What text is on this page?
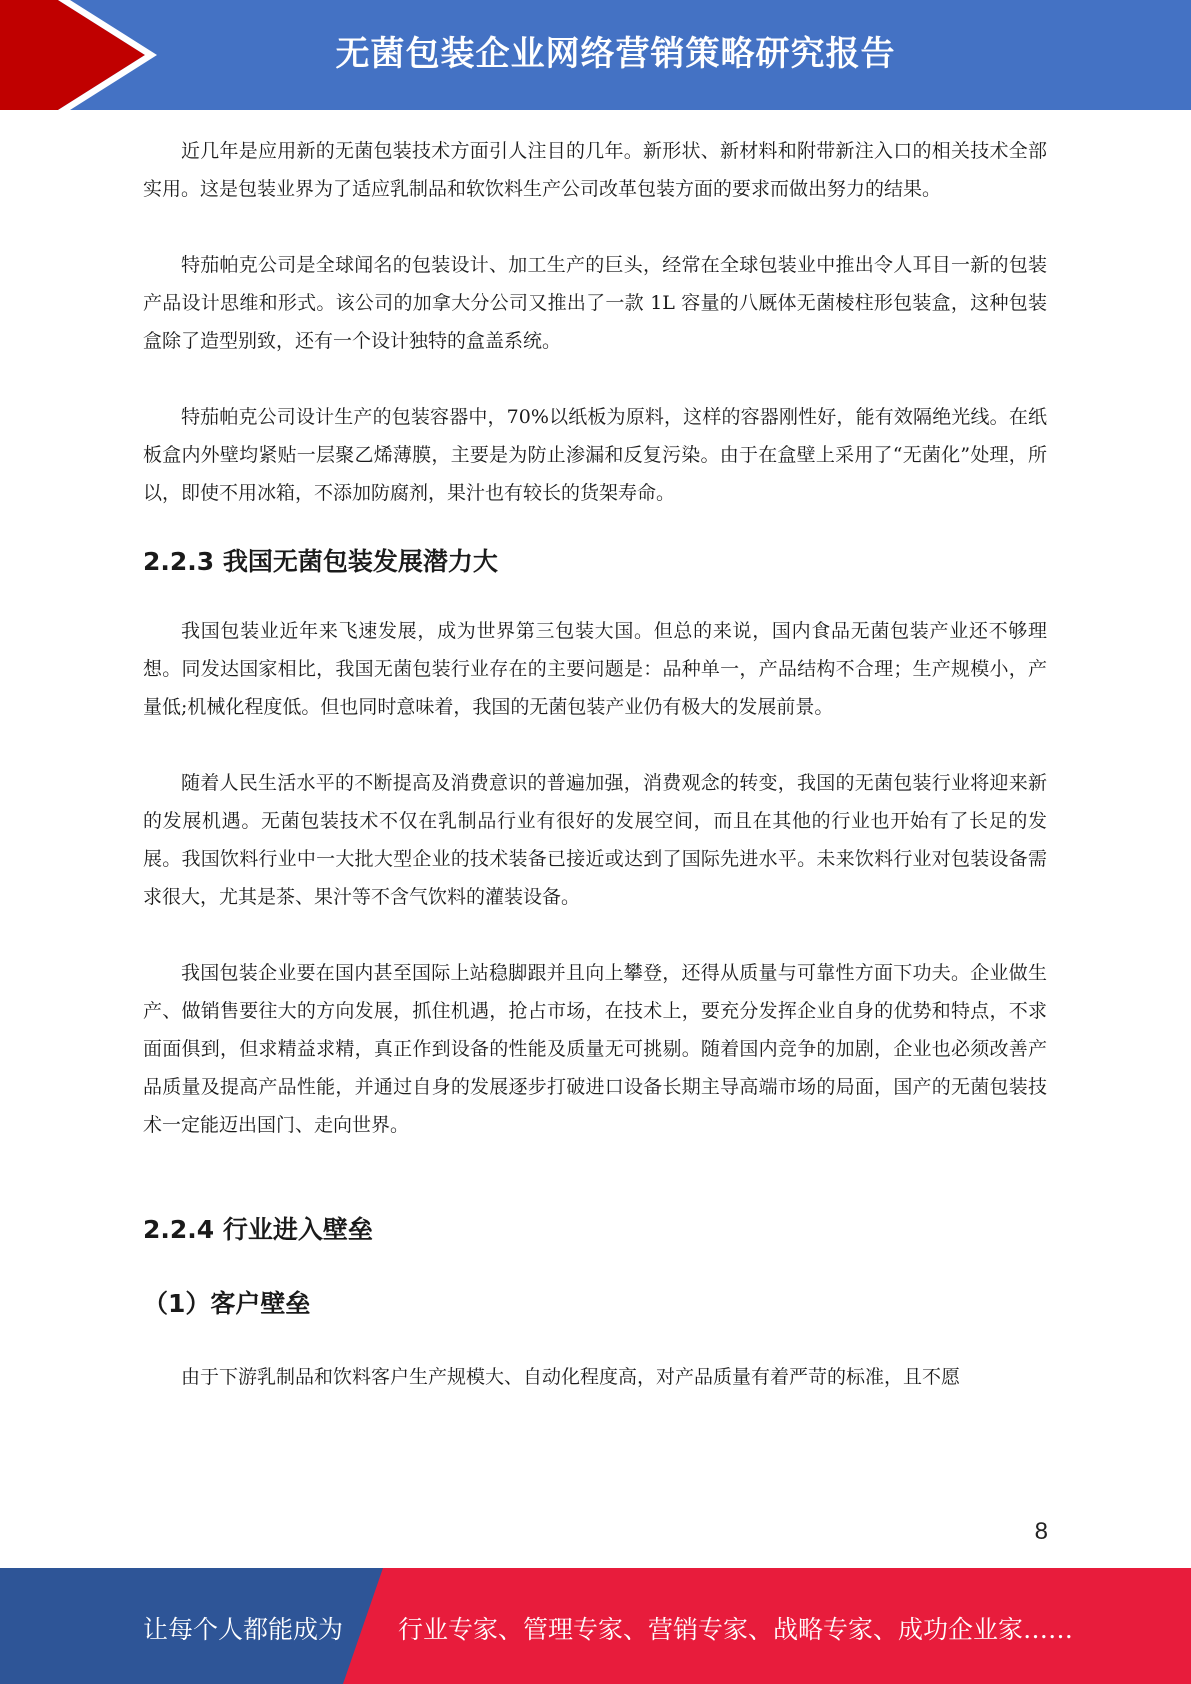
无菌包装企业网络营销策略研究报告

近几年是应用新的无菌包装技术方面引人注目的几年。新形状、新材料和附带新注入口的相关技术全部实用。这是包装业界为了适应乳制品和软饮料生产公司改革包装方面的要求而做出努力的结果。

特茄帕克公司是全球闻名的包装设计、加工生产的巨头，经常在全球包装业中推出令人耳目一新的包装产品设计思维和形式。该公司的加拿大分公司又推出了一款 1L 容量的八厩体无菌棱柱形包装盒，这种包装盒除了造型别致，还有一个设计独特的盒盖系统。

特茄帕克公司设计生产的包装容器中，70%以纸板为原料，这样的容器刚性好，能有效隔绝光线。在纸板盒内外壁均紧贴一层聚乙烯薄膜，主要是为防止渗漏和反复污染。由于在盒壁上采用了“无菌化”处理，所以，即使不用冰箱，不添加防腐剂，果汁也有较长的货架寿命。

2.2.3 我国无菌包装发展潜力大

我国包装业近年来飞速发展，成为世界第三包装大国。但总的来说，国内食品无菌包装产业还不够理想。同发达国家相比，我国无菌包装行业存在的主要问题是：品种单一，产品结构不合理；生产规模小，产量低;机械化程度低。但也同时意味着，我国的无菌包装产业仍有极大的发展前景。

随着人民生活水平的不断提高及消费意识的普遍加强，消费观念的转变，我国的无菌包装行业将迎来新的发展机遇。无菌包装技术不仅在乳制品行业有很好的发展空间，而且在其他的行业也开始有了长足的发展。我国饮料行业中一大批大型企业的技术装备已接近或达到了国际先进水平。未来饮料行业对包装设备需求很大，尤其是茶、果汁等不含气饮料的灌装设备。

我国包装企业要在国内甚至国际上站稳脚跟并且向上攀登，还得从质量与可靠性方面下功夫。企业做生产、做销售要往大的方向发展，抓住机遇，抢占市场，在技术上，要充分发挥企业自身的优势和特点，不求面面俱到，但求精益求精，真正作到设备的性能及质量无可挑剔。随着国内竞争的加剧，企业也必须改善产品质量及提高产品性能，并通过自身的发展逐步打破进口设备长期主导高端市场的局面，国产的无菌包装技术一定能迈出国门、走向世界。

2.2.4 行业进入壁垒
（1）客户壁垒

由于下游乳制品和饮料客户生产规模大、自动化程度高，对产品质量有着严苛的标准，且不愿

8
让每个人都能成为 行业专家、管理专家、营销专家、战略专家、成功企业家……
